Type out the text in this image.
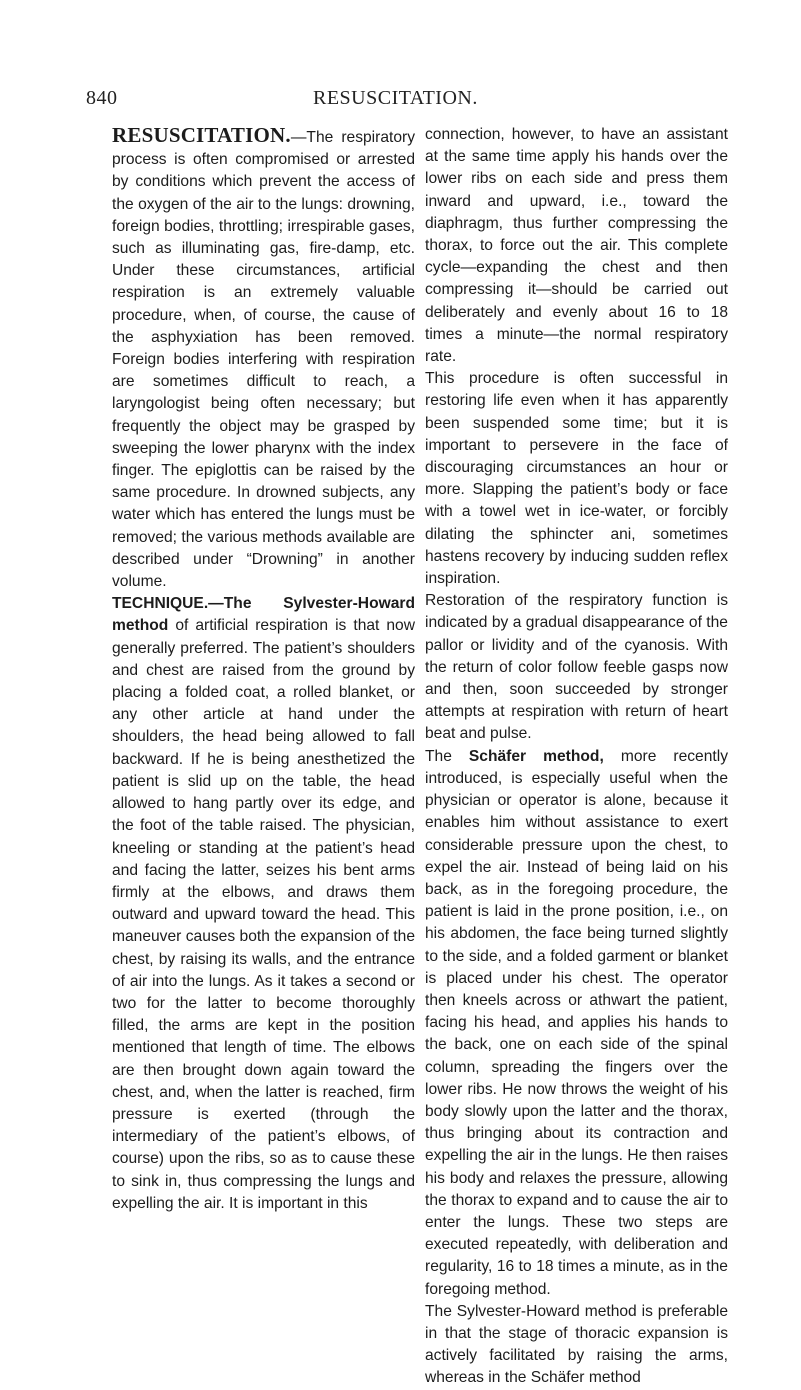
840	RESUSCITATION.

RESUSCITATION.—The respiratory process is often compromised or arrested by conditions which prevent the access of the oxygen of the air to the lungs: drowning, foreign bodies, throttling; irrespirable gases, such as illuminating gas, fire-damp, etc. Under these circumstances, artificial respiration is an extremely valuable procedure, when, of course, the cause of the asphyxiation has been removed. Foreign bodies interfering with respiration are sometimes difficult to reach, a laryngologist being often necessary; but frequently the object may be grasped by sweeping the lower pharynx with the index finger. The epiglottis can be raised by the same procedure. In drowned subjects, any water which has entered the lungs must be removed; the various methods available are described under “Drowning” in another volume.

TECHNIQUE.—The Sylvester-Howard method of artificial respiration is that now generally preferred. The patient’s shoulders and chest are raised from the ground by placing a folded coat, a rolled blanket, or any other article at hand under the shoulders, the head being allowed to fall backward. If he is being anesthetized the patient is slid up on the table, the head allowed to hang partly over its edge, and the foot of the table raised. The physician, kneeling or standing at the patient’s head and facing the latter, seizes his bent arms firmly at the elbows, and draws them outward and upward toward the head. This maneuver causes both the expansion of the chest, by raising its walls, and the entrance of air into the lungs. As it takes a second or two for the latter to become thoroughly filled, the arms are kept in the position mentioned that length of time. The elbows are then brought down again toward the chest, and, when the latter is reached, firm pressure is exerted (through the intermediary of the patient’s elbows, of course) upon the ribs, so as to cause these to sink in, thus compressing the lungs and expelling the air. It is important in this

connection, however, to have an assistant at the same time apply his hands over the lower ribs on each side and press them inward and upward, i.e., toward the diaphragm, thus further compressing the thorax, to force out the air. This complete cycle—expanding the chest and then compressing it—should be carried out deliberately and evenly about 16 to 18 times a minute—the normal respiratory rate.

This procedure is often successful in restoring life even when it has apparently been suspended some time; but it is important to persevere in the face of discouraging circumstances an hour or more. Slapping the patient’s body or face with a towel wet in ice-water, or forcibly dilating the sphincter ani, sometimes hastens recovery by inducing sudden reflex inspiration.

Restoration of the respiratory function is indicated by a gradual disappearance of the pallor or lividity and of the cyanosis. With the return of color follow feeble gasps now and then, soon succeeded by stronger attempts at respiration with return of heart beat and pulse.

The Schäfer method, more recently introduced, is especially useful when the physician or operator is alone, because it enables him without assistance to exert considerable pressure upon the chest, to expel the air. Instead of being laid on his back, as in the foregoing procedure, the patient is laid in the prone position, i.e., on his abdomen, the face being turned slightly to the side, and a folded garment or blanket is placed under his chest. The operator then kneels across or athwart the patient, facing his head, and applies his hands to the back, one on each side of the spinal column, spreading the fingers over the lower ribs. He now throws the weight of his body slowly upon the latter and the thorax, thus bringing about its contraction and expelling the air in the lungs. He then raises his body and relaxes the pressure, allowing the thorax to expand and to cause the air to enter the lungs. These two steps are executed repeatedly, with deliberation and regularity, 16 to 18 times a minute, as in the foregoing method.

The Sylvester-Howard method is preferable in that the stage of thoracic expansion is actively facilitated by raising the arms, whereas in the Schäfer method
